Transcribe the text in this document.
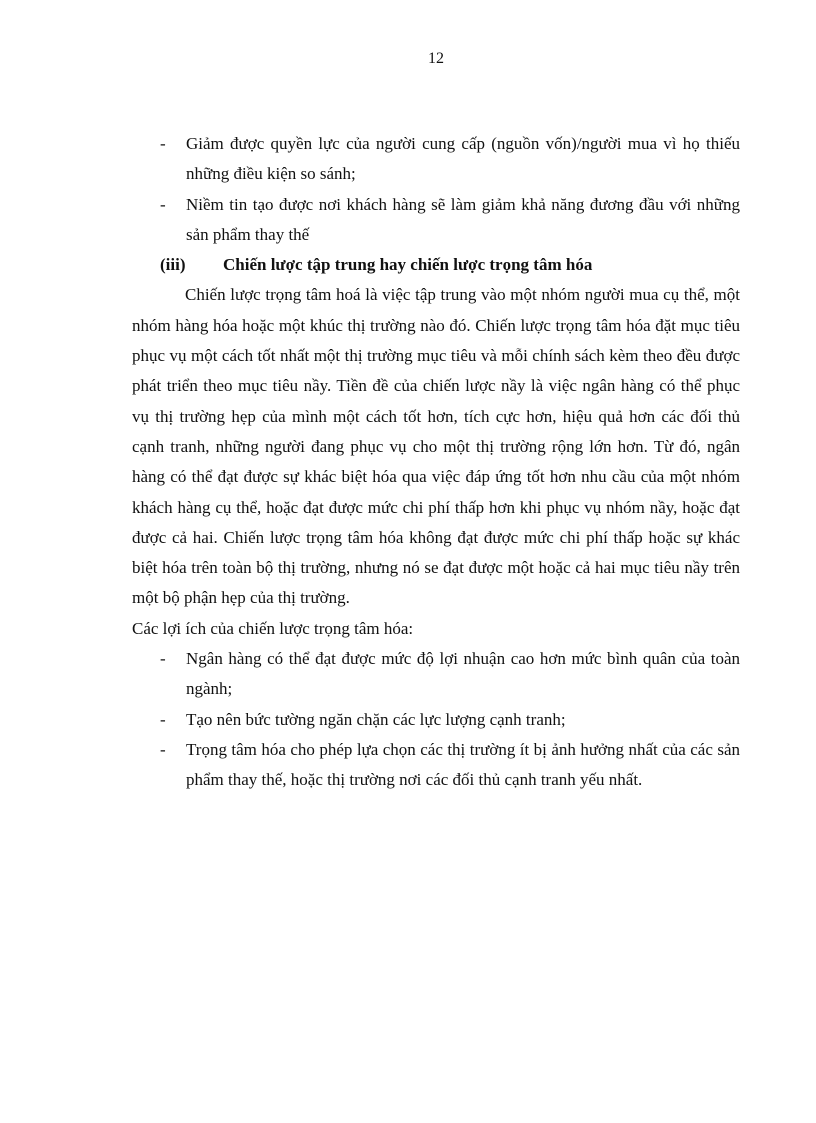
12
- Giảm được quyền lực của người cung cấp (nguồn vốn)/người mua vì họ thiếu những điều kiện so sánh;
- Niềm tin tạo được nơi khách hàng sẽ làm giảm khả năng đương đầu với những sản phẩm thay thế
(iii) Chiến lược tập trung hay chiến lược trọng tâm hóa
Chiến lược trọng tâm hoá là việc tập trung vào một nhóm người mua cụ thể, một nhóm hàng hóa hoặc một khúc thị trường nào đó. Chiến lược trọng tâm hóa đặt mục tiêu phục vụ một cách tốt nhất một thị trường mục tiêu và mỗi chính sách kèm theo đều được phát triển theo mục tiêu nầy. Tiền đề của chiến lược nầy là việc ngân hàng có thể phục vụ thị trường hẹp của mình một cách tốt hơn, tích cực hơn, hiệu quả hơn các đối thủ cạnh tranh, những người đang phục vụ cho một thị trường rộng lớn hơn. Từ đó, ngân hàng có thể đạt được sự khác biệt hóa qua việc đáp ứng tốt hơn nhu cầu của một nhóm khách hàng cụ thể, hoặc đạt được mức chi phí thấp hơn khi phục vụ nhóm nầy, hoặc đạt được cả hai. Chiến lược trọng tâm hóa không đạt được mức chi phí thấp hoặc sự khác biệt hóa trên toàn bộ thị trường, nhưng nó se đạt được một hoặc cả hai mục tiêu nầy trên một bộ phận hẹp của thị trường.
Các lợi ích của chiến lược trọng tâm hóa:
- Ngân hàng có thể đạt được mức độ lợi nhuận cao hơn mức bình quân của toàn ngành;
- Tạo nên bức tường ngăn chặn các lực lượng cạnh tranh;
- Trọng tâm hóa cho phép lựa chọn các thị trường ít bị ảnh hưởng nhất của các sản phẩm thay thế, hoặc thị trường nơi các đối thủ cạnh tranh yếu nhất.
